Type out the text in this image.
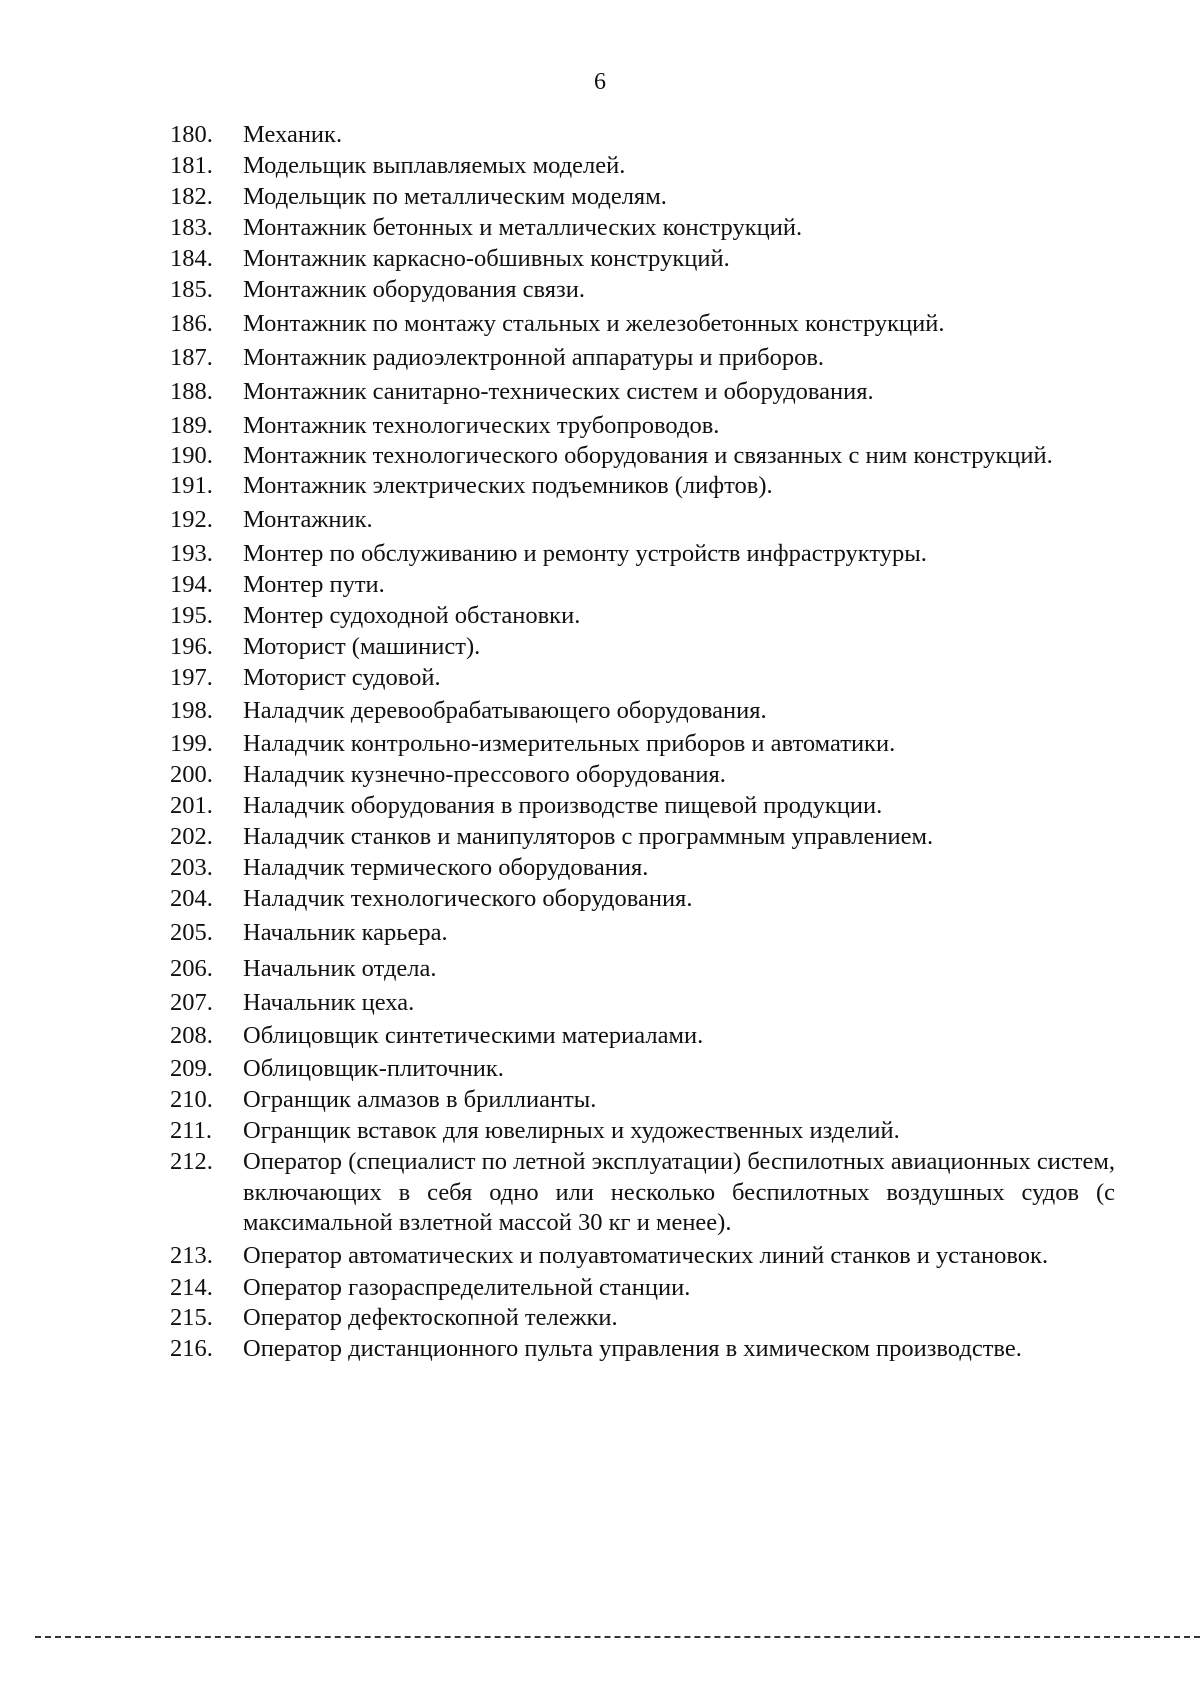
6
180.	Механик.
181.	Модельщик выплавляемых моделей.
182.	Модельщик по металлическим моделям.
183.	Монтажник бетонных и металлических конструкций.
184.	Монтажник каркасно-обшивных конструкций.
185.	Монтажник оборудования связи.
186.	Монтажник по монтажу стальных и железобетонных конструкций.
187.	Монтажник радиоэлектронной аппаратуры и приборов.
188.	Монтажник санитарно-технических систем и оборудования.
189.	Монтажник технологических трубопроводов.
190.	Монтажник технологического оборудования и связанных с ним конструкций.
191.	Монтажник электрических подъемников (лифтов).
192.	Монтажник.
193.	Монтер по обслуживанию и ремонту устройств инфраструктуры.
194.	Монтер пути.
195.	Монтер судоходной обстановки.
196.	Моторист (машинист).
197.	Моторист судовой.
198.	Наладчик деревообрабатывающего оборудования.
199.	Наладчик контрольно-измерительных приборов и автоматики.
200.	Наладчик кузнечно-прессового оборудования.
201.	Наладчик оборудования в производстве пищевой продукции.
202.	Наладчик станков и манипуляторов с программным управлением.
203.	Наладчик термического оборудования.
204.	Наладчик технологического оборудования.
205.	Начальник карьера.
206.	Начальник отдела.
207.	Начальник цеха.
208.	Облицовщик синтетическими материалами.
209.	Облицовщик-плиточник.
210.	Огранщик алмазов в бриллианты.
211.	Огранщик вставок для ювелирных и художественных изделий.
212.	Оператор (специалист по летной эксплуатации) беспилотных авиационных систем, включающих в себя одно или несколько беспилотных воздушных судов (с максимальной взлетной массой 30 кг и менее).
213.	Оператор автоматических и полуавтоматических линий станков и установок.
214.	Оператор газораспределительной станции.
215.	Оператор дефектоскопной тележки.
216.	Оператор дистанционного пульта управления в химическом производстве.
